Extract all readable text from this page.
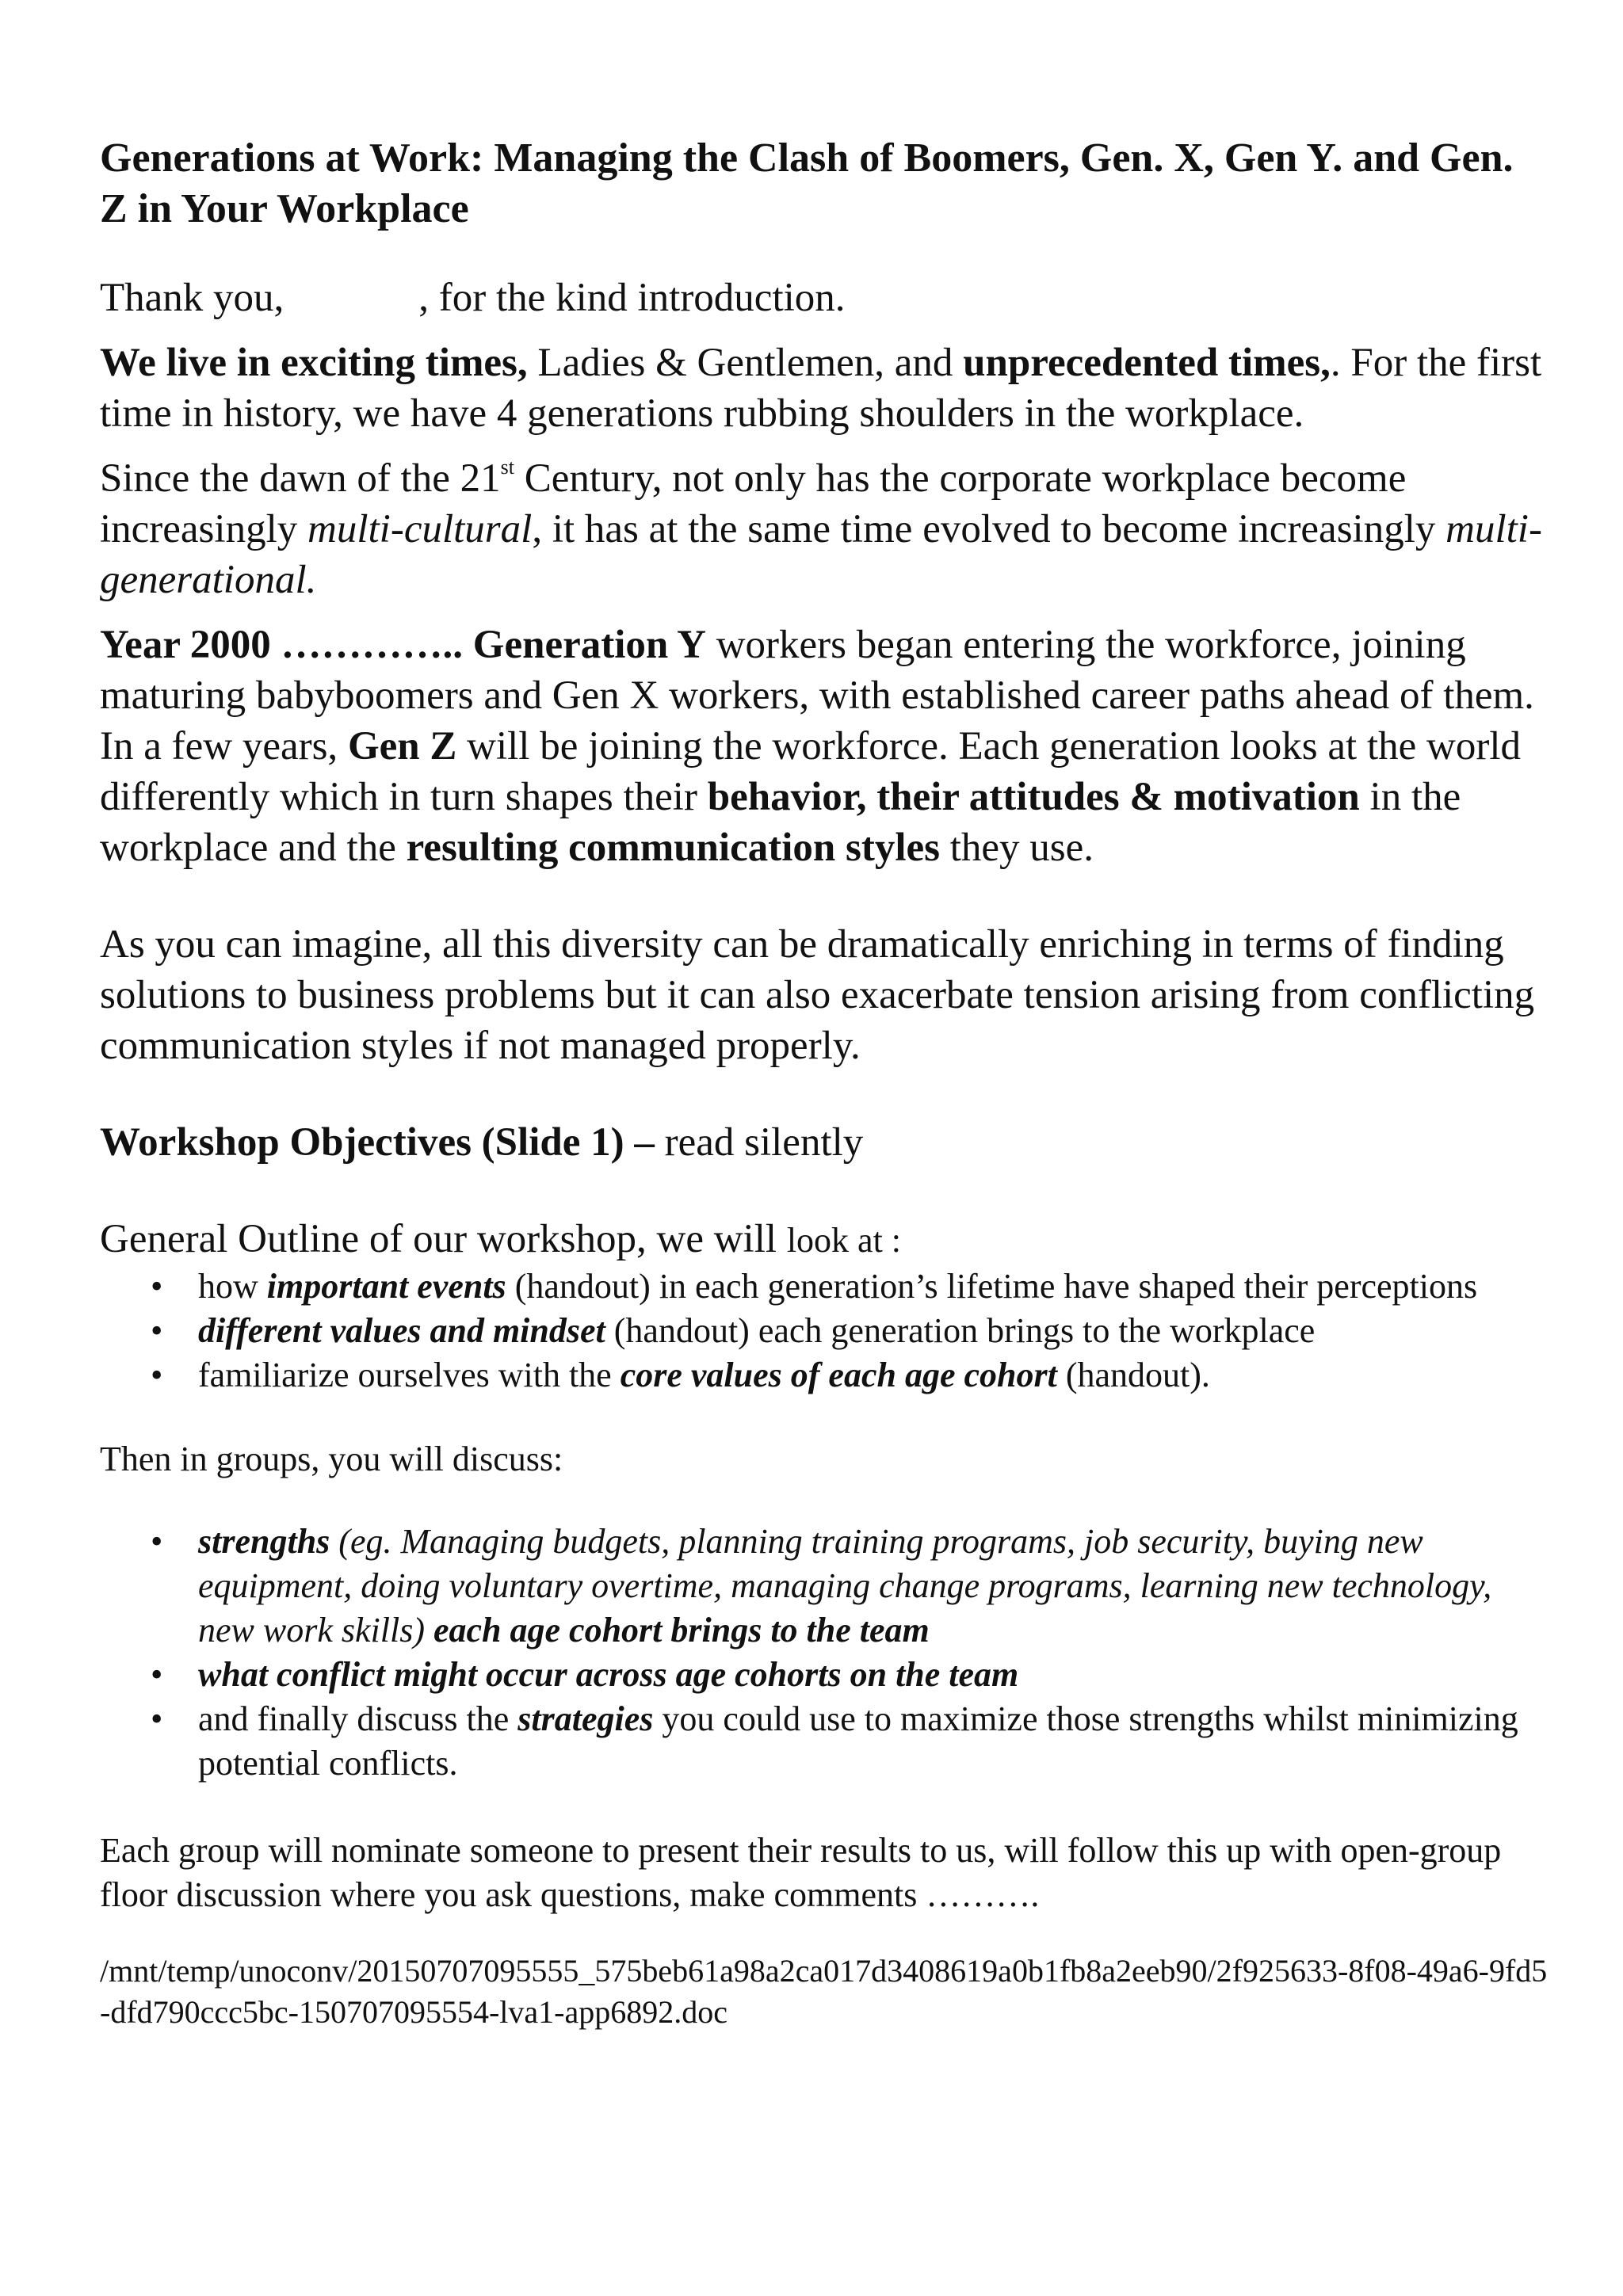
Generations at Work: Managing the Clash of Boomers, Gen. X, Gen Y. and Gen. Z in Your Workplace

Thank you,	, for the kind introduction.

We live in exciting times, Ladies & Gentlemen, and unprecedented times,. For the first time in history, we have 4 generations rubbing shoulders in the workplace.

Since the dawn of the 21st Century, not only has the corporate workplace become increasingly multi-cultural, it has at the same time evolved to become increasingly multi-generational.

Year 2000 ………….. Generation Y workers began entering the workforce, joining maturing babyboomers and Gen X workers, with established career paths ahead of them. In a few years, Gen Z will be joining the workforce. Each generation looks at the world differently which in turn shapes their behavior, their attitudes & motivation in the workplace and the resulting communication styles they use.

As you can imagine, all this diversity can be dramatically enriching in terms of finding solutions to business problems but it can also exacerbate tension arising from conflicting communication styles if not managed properly.

Workshop Objectives (Slide 1) – read silently

General Outline of our workshop, we will look at :

• how important events (handout) in each generation’s lifetime have shaped their perceptions
• different values and mindset (handout) each generation brings to the workplace
• familiarize ourselves with the core values of each age cohort (handout).

Then in groups, you will discuss:

• strengths (eg. Managing budgets, planning training programs, job security, buying new equipment, doing voluntary overtime, managing change programs, learning new technology, new work skills) each age cohort brings to the team
• what conflict might occur across age cohorts on the team
• and finally discuss the strategies you could use to maximize those strengths whilst minimizing potential conflicts.

Each group will nominate someone to present their results to us, will follow this up with open-group floor discussion where you ask questions, make comments ……….

/mnt/temp/unoconv/20150707095555_575beb61a98a2ca017d3408619a0b1fb8a2eeb90/2f925633-8f08-49a6-9fd5-dfd790ccc5bc-150707095554-lva1-app6892.doc
